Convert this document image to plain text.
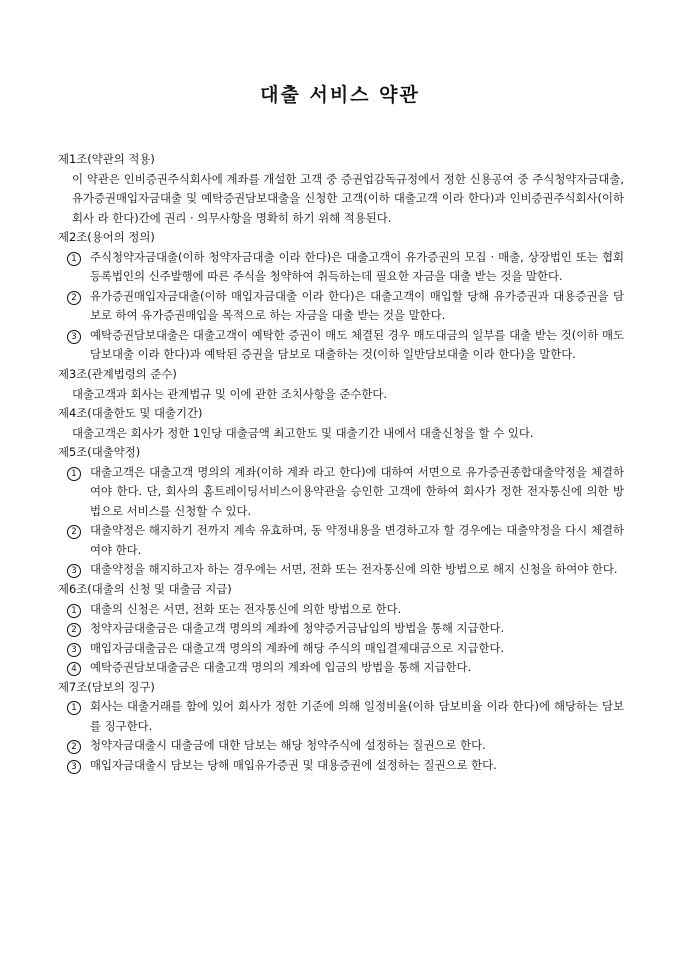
대출 서비스 약관
제1조(약관의 적용)
이 약관은 인비증권주식회사에 계좌를 개설한 고객 중 증권업감독규정에서 정한 신용공여 중 주식청약자금대출, 유가증권매입자금대출 및 예탁증권담보대출을 신청한 고객(이하 대출고객 이라 한다)과 인비증권주식회사(이하 회사 라 한다)간에 권리 · 의무사항을 명확히 하기 위해 적용된다.
제2조(용어의 정의)
1	주식청약자금대출(이하 청약자금대출 이라 한다)은 대출고객이 유가증권의 모집 · 매출, 상장법인 또는 협회등록법인의 신주발행에 따른 주식을 청약하여 취득하는데 필요한 자금을 대출 받는 것을 말한다.
2	유가증권매입자금대출(이하 매입자금대출 이라 한다)은 대출고객이 매입할 당해 유가증권과 대용증권을 담보로 하여 유가증권매입을 목적으로 하는 자금을 대출 받는 것을 말한다.
3	예탁증권담보대출은 대출고객이 예탁한 증권이 매도 체결된 경우 매도대금의 일부를 대출 받는 것(이하 매도담보대출 이라 한다)과 예탁된 증권을 담보로 대출하는 것(이하 일반담보대출 이라 한다)을 말한다.
제3조(관계법령의 준수)
대출고객과 회사는 관계법규 및 이에 관한 조치사항을 준수한다.
제4조(대출한도 및 대출기간)
대출고객은 회사가 정한 1인당 대출금액 최고한도 및 대출기간 내에서 대출신청을 할 수 있다.
제5조(대출약정)
1	대출고객은 대출고객 명의의 계좌(이하 계좌 라고 한다)에 대하여 서면으로 유가증권종합대출약정을 체결하여야 한다. 단, 회사의 홈트레이딩서비스이용약관을 승인한 고객에 한하여 회사가 정한 전자통신에 의한 방법으로 서비스를 신청할 수 있다.
2	대출약정은 해지하기 전까지 계속 유효하며, 동 약정내용을 변경하고자 할 경우에는 대출약정을 다시 체결하여야 한다.
3	대출약정을 해지하고자 하는 경우에는 서면, 전화 또는 전자통신에 의한 방법으로 해지 신청을 하여야 한다.
제6조(대출의 신청 및 대출금 지급)
1	대출의 신청은 서면, 전화 또는 전자통신에 의한 방법으로 한다.
2	청약자금대출금은 대출고객 명의의 계좌에 청약증거금납입의 방법을 통해 지급한다.
3	매입자금대출금은 대출고객 명의의 계좌에 해당 주식의 매입결제대금으로 지급한다.
4	예탁증권담보대출금은 대출고객 명의의 계좌에 입금의 방법을 통해 지급한다.
제7조(담보의 징구)
1	회사는 대출거래를 함에 있어 회사가 정한 기준에 의해 일정비율(이하 담보비율 이라 한다)에 해당하는 담보를 징구한다.
2	청약자금대출시 대출금에 대한 담보는 해당 청약주식에 설정하는 질권으로 한다.
3	매입자금대출시 담보는 당해 매입유가증권 및 대용증권에 설정하는 질권으로 한다.
